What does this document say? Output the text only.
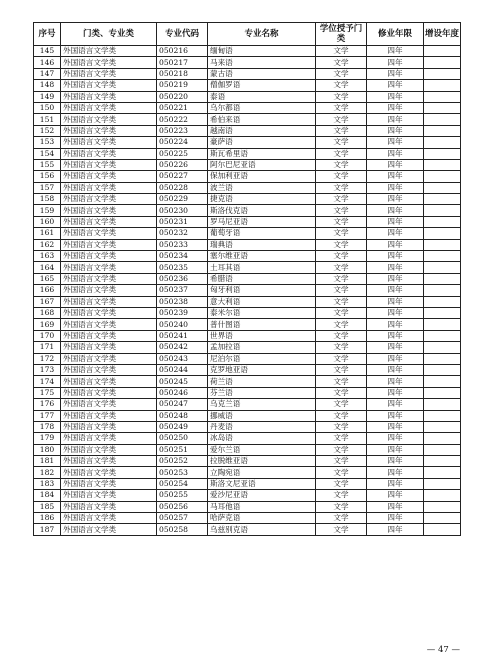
序号	门类、专业类	专业代码	专业名称	学位授予门类	修业年限	增设年度
145	外国语言文学类	050216	缅甸语	文学	四年	
146	外国语言文学类	050217	马来语	文学	四年	
147	外国语言文学类	050218	蒙古语	文学	四年	
148	外国语言文学类	050219	僧伽罗语	文学	四年	
149	外国语言文学类	050220	泰语	文学	四年	
150	外国语言文学类	050221	乌尔都语	文学	四年	
151	外国语言文学类	050222	希伯来语	文学	四年	
152	外国语言文学类	050223	越南语	文学	四年	
153	外国语言文学类	050224	豪萨语	文学	四年	
154	外国语言文学类	050225	斯瓦希里语	文学	四年	
155	外国语言文学类	050226	阿尔巴尼亚语	文学	四年	
156	外国语言文学类	050227	保加利亚语	文学	四年	
157	外国语言文学类	050228	波兰语	文学	四年	
158	外国语言文学类	050229	捷克语	文学	四年	
159	外国语言文学类	050230	斯洛伐克语	文学	四年	
160	外国语言文学类	050231	罗马尼亚语	文学	四年	
161	外国语言文学类	050232	葡萄牙语	文学	四年	
162	外国语言文学类	050233	瑞典语	文学	四年	
163	外国语言文学类	050234	塞尔维亚语	文学	四年	
164	外国语言文学类	050235	土耳其语	文学	四年	
165	外国语言文学类	050236	希腊语	文学	四年	
166	外国语言文学类	050237	匈牙利语	文学	四年	
167	外国语言文学类	050238	意大利语	文学	四年	
168	外国语言文学类	050239	泰米尔语	文学	四年	
169	外国语言文学类	050240	普什图语	文学	四年	
170	外国语言文学类	050241	世界语	文学	四年	
171	外国语言文学类	050242	孟加拉语	文学	四年	
172	外国语言文学类	050243	尼泊尔语	文学	四年	
173	外国语言文学类	050244	克罗地亚语	文学	四年	
174	外国语言文学类	050245	荷兰语	文学	四年	
175	外国语言文学类	050246	芬兰语	文学	四年	
176	外国语言文学类	050247	乌克兰语	文学	四年	
177	外国语言文学类	050248	挪威语	文学	四年	
178	外国语言文学类	050249	丹麦语	文学	四年	
179	外国语言文学类	050250	冰岛语	文学	四年	
180	外国语言文学类	050251	爱尔兰语	文学	四年	
181	外国语言文学类	050252	拉脱维亚语	文学	四年	
182	外国语言文学类	050253	立陶宛语	文学	四年	
183	外国语言文学类	050254	斯洛文尼亚语	文学	四年	
184	外国语言文学类	050255	爱沙尼亚语	文学	四年	
185	外国语言文学类	050256	马耳他语	文学	四年	
186	外国语言文学类	050257	哈萨克语	文学	四年	
187	外国语言文学类	050258	乌兹别克语	文学	四年	
— 47 —
